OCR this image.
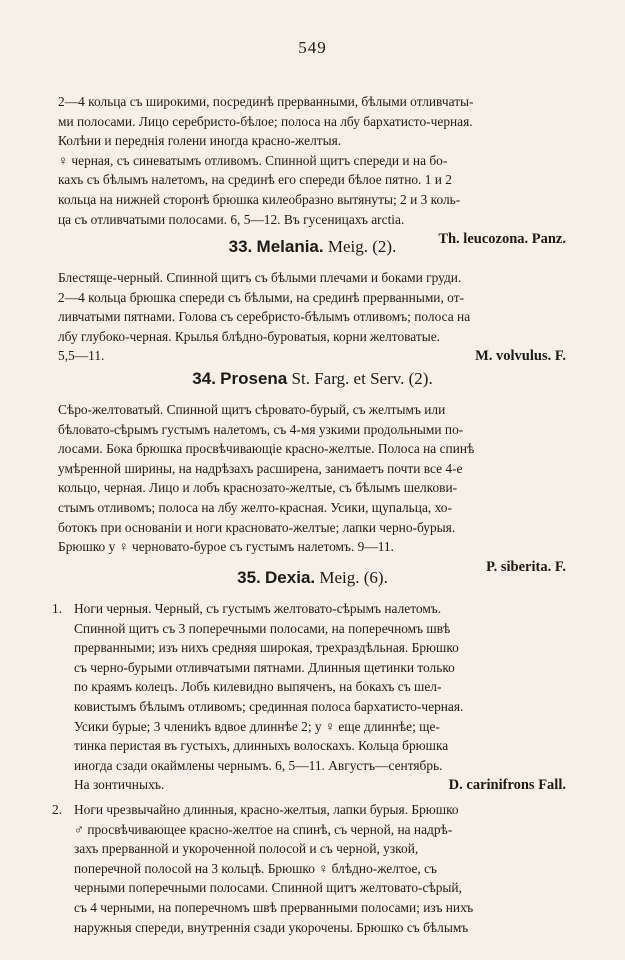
549

2—4 кольца съ широкими, посрединѣ прерванными, бѣлыми отливчаты-

ми полосами. Лицо серебристо-бѣлое; полоса на лбу бархатисто-черная.

Колѣни и переднія голени иногда красно-желтыя.

♀ черная, съ синеватымъ отливомъ. Спинной щитъ спереди и на бо-

кахъ съ бѣлымъ налетомъ, на срединѣ его спереди бѣлое пятно. 1 и 2

кольца на нижней сторонѣ брюшка килеобразно вытянуты; 2 и 3 коль-

ца съ отливчатыми полосами. 6, 5—12. Въ гусеницахъ arctia.

Th. leucozona. Panz.
33. Melania. Meig. (2).

Блестяще-черный. Спинной щитъ съ бѣлыми плечами и боками груди.

2—4 кольца брюшка спереди съ бѣлыми, на срединѣ прерванными, от-

ливчатыми пятнами. Голова съ серебристо-бѣлымъ отливомъ; полоса на

лбу глубоко-черная. Крылья блѣдно-буроватыя, корни желтоватые.

5,5—11.	M. volvulus. F.
34. Prosena St. Farg. et Serv. (2).

Сѣро-желтоватый. Спинной щитъ сѣровато-бурый, съ желтымъ или

бѣловато-сѣрымъ густымъ налетомъ, съ 4-мя узкими продольными по-

лосами. Бока брюшка просвѣчивающіе красно-желтые. Полоса на спинѣ

умѣренной ширины, на надрѣзахъ расширена, занимаетъ почти все 4-е

кольцо, черная. Лицо и лобъ краснозато-желтые, съ бѣлымъ шелкови-

стымъ отливомъ; полоса на лбу желто-красная. Усики, щупальца, хо-

ботокъ при основаніи и ноги красновато-желтые; лапки черно-бурыя.

Брюшко у ♀ черновато-бурое съ густымъ налетомъ. 9—11.

P. siberita. F.
35. Dexia. Meig. (6).
1. Ноги черныя. Черный, съ густымъ желтовато-сѣрымъ налетомъ.

Спинной щитъ съ 3 поперечными полосами, на поперечномъ швѣ

прерванными; изъ нихъ средняя широкая, трехраздѣльная. Брюшко

съ черно-бурыми отливчатыми пятнами. Длинныя щетинки только

по краямъ колецъ. Лобъ килевидно выпяченъ, на бокахъ съ шел-

ковистымъ бѣлымъ отливомъ; срединная полоса бархатисто-черная.

Усики бурые; 3 члениkъ вдвое длиннѣе 2; у ♀ еще длиннѣе; ще-

тинка перистая въ густыхъ, длинныхъ волоскахъ. Кольца брюшка

иногда сзади окаймлены чернымъ. 6, 5—11. Августъ—сентябрь.

На зонтичныхъ.	D. carinifrons Fall.
2. Ноги чрезвычайно длинныя, красно-желтыя, лапки бурыя. Брюшко

♂ просвѣчивающее красно-желтое на спинѣ, съ черной, на надрѣ-

захъ прерванной и укороченной полосой и съ черной, узкой,

поперечной полосой на 3 кольцѣ. Брюшко ♀ блѣдно-желтое, съ

черными поперечными полосами. Спинной щитъ желтовато-сѣрый,

съ 4 черными, на поперечномъ швѣ прерванными полосами; изъ нихъ

наружныя спереди, внутреннія сзади укорочены. Брюшко съ бѣлымъ
